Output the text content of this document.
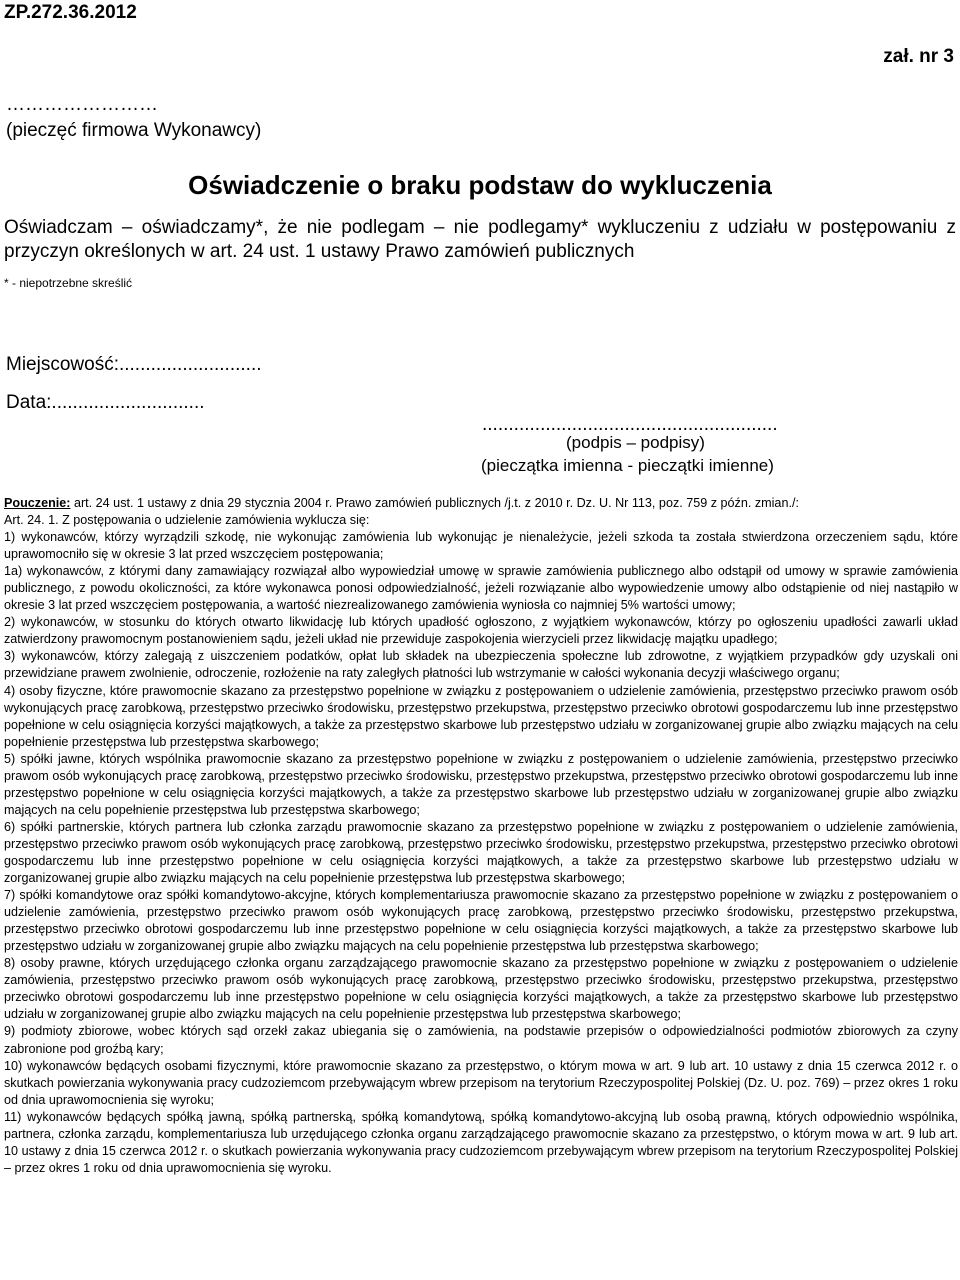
ZP.272.36.2012
zał. nr 3
……………………
(pieczęć firmowa Wykonawcy)
Oświadczenie o braku podstaw do wykluczenia
Oświadczam – oświadczamy*, że nie podlegam – nie podlegamy* wykluczeniu z udziału w postępowaniu z przyczyn określonych w art. 24 ust. 1 ustawy Prawo zamówień publicznych
* - niepotrzebne skreślić
Miejscowość:...........................
Data:.............................
........................................................
(podpis – podpisy)
(pieczątka imienna - pieczątki imienne)

Pouczenie: art. 24 ust. 1 ustawy z dnia 29 stycznia 2004 r. Prawo zamówień publicznych /j.t. z 2010 r. Dz. U. Nr 113, poz. 759 z późn. zmian./:

Art. 24. 1. Z postępowania o udzielenie zamówienia wyklucza się:

1) wykonawców, którzy wyrządzili szkodę, nie wykonując zamówienia lub wykonując je nienależycie, jeżeli szkoda ta została stwierdzona orzeczeniem sądu, które uprawomocniło się w okresie 3 lat przed wszczęciem postępowania;

1a) wykonawców, z którymi dany zamawiający rozwiązał albo wypowiedział umowę w sprawie zamówienia publicznego albo odstąpił od umowy w sprawie zamówienia publicznego, z powodu okoliczności, za które wykonawca ponosi odpowiedzialność, jeżeli rozwiązanie albo wypowiedzenie umowy albo odstąpienie od niej nastąpiło w okresie 3 lat przed wszczęciem postępowania, a wartość niezrealizowanego zamówienia wyniosła co najmniej 5% wartości umowy;

2) wykonawców, w stosunku do których otwarto likwidację lub których upadłość ogłoszono, z wyjątkiem wykonawców, którzy po ogłoszeniu upadłości zawarli układ zatwierdzony prawomocnym postanowieniem sądu, jeżeli układ nie przewiduje zaspokojenia wierzycieli przez likwidację majątku upadłego;

3) wykonawców, którzy zalegają z uiszczeniem podatków, opłat lub składek na ubezpieczenia społeczne lub zdrowotne, z wyjątkiem przypadków gdy uzyskali oni przewidziane prawem zwolnienie, odroczenie, rozłożenie na raty zaległych płatności lub wstrzymanie w całości wykonania decyzji właściwego organu;

4) osoby fizyczne, które prawomocnie skazano za przestępstwo popełnione w związku z postępowaniem o udzielenie zamówienia, przestępstwo przeciwko prawom osób wykonujących pracę zarobkową, przestępstwo przeciwko środowisku, przestępstwo przekupstwa, przestępstwo przeciwko obrotowi gospodarczemu lub inne przestępstwo popełnione w celu osiągnięcia korzyści majątkowych, a także za przestępstwo skarbowe lub przestępstwo udziału w zorganizowanej grupie albo związku mających na celu popełnienie przestępstwa lub przestępstwa skarbowego;

5) spółki jawne, których wspólnika prawomocnie skazano za przestępstwo popełnione w związku z postępowaniem o udzielenie zamówienia, przestępstwo przeciwko prawom osób wykonujących pracę zarobkową, przestępstwo przeciwko środowisku, przestępstwo przekupstwa, przestępstwo przeciwko obrotowi gospodarczemu lub inne przestępstwo popełnione w celu osiągnięcia korzyści majątkowych, a także za przestępstwo skarbowe lub przestępstwo udziału w zorganizowanej grupie albo związku mających na celu popełnienie przestępstwa lub przestępstwa skarbowego;

6) spółki partnerskie, których partnera lub członka zarządu prawomocnie skazano za przestępstwo popełnione w związku z postępowaniem o udzielenie zamówienia, przestępstwo przeciwko prawom osób wykonujących pracę zarobkową, przestępstwo przeciwko środowisku, przestępstwo przekupstwa, przestępstwo przeciwko obrotowi gospodarczemu lub inne przestępstwo popełnione w celu osiągnięcia korzyści majątkowych, a także za przestępstwo skarbowe lub przestępstwo udziału w zorganizowanej grupie albo związku mających na celu popełnienie przestępstwa lub przestępstwa skarbowego;

7) spółki komandytowe oraz spółki komandytowo-akcyjne, których komplementariusza prawomocnie skazano za przestępstwo popełnione w związku z postępowaniem o udzielenie zamówienia, przestępstwo przeciwko prawom osób wykonujących pracę zarobkową, przestępstwo przeciwko środowisku, przestępstwo przekupstwa, przestępstwo przeciwko obrotowi gospodarczemu lub inne przestępstwo popełnione w celu osiągnięcia korzyści majątkowych, a także za przestępstwo skarbowe lub przestępstwo udziału w zorganizowanej grupie albo związku mających na celu popełnienie przestępstwa lub przestępstwa skarbowego;

8) osoby prawne, których urzędującego członka organu zarządzającego prawomocnie skazano za przestępstwo popełnione w związku z postępowaniem o udzielenie zamówienia, przestępstwo przeciwko prawom osób wykonujących pracę zarobkową, przestępstwo przeciwko środowisku, przestępstwo przekupstwa, przestępstwo przeciwko obrotowi gospodarczemu lub inne przestępstwo popełnione w celu osiągnięcia korzyści majątkowych, a także za przestępstwo skarbowe lub przestępstwo udziału w zorganizowanej grupie albo związku mających na celu popełnienie przestępstwa lub przestępstwa skarbowego;

9) podmioty zbiorowe, wobec których sąd orzekł zakaz ubiegania się o zamówienia, na podstawie przepisów o odpowiedzialności podmiotów zbiorowych za czyny zabronione pod groźbą kary;

10) wykonawców będących osobami fizycznymi, które prawomocnie skazano za przestępstwo, o którym mowa w art. 9 lub art. 10 ustawy z dnia 15 czerwca 2012 r. o skutkach powierzania wykonywania pracy cudzoziemcom przebywającym wbrew przepisom na terytorium Rzeczypospolitej Polskiej (Dz. U. poz. 769) – przez okres 1 roku od dnia uprawomocnienia się wyroku;

11) wykonawców będących spółką jawną, spółką partnerską, spółką komandytową, spółką komandytowo-akcyjną lub osobą prawną, których odpowiednio wspólnika, partnera, członka zarządu, komplementariusza lub urzędującego członka organu zarządzającego prawomocnie skazano za przestępstwo, o którym mowa w art. 9 lub art. 10 ustawy z dnia 15 czerwca 2012 r. o skutkach powierzania wykonywania pracy cudzoziemcom przebywającym wbrew przepisom na terytorium Rzeczypospolitej Polskiej – przez okres 1 roku od dnia uprawomocnienia się wyroku.
